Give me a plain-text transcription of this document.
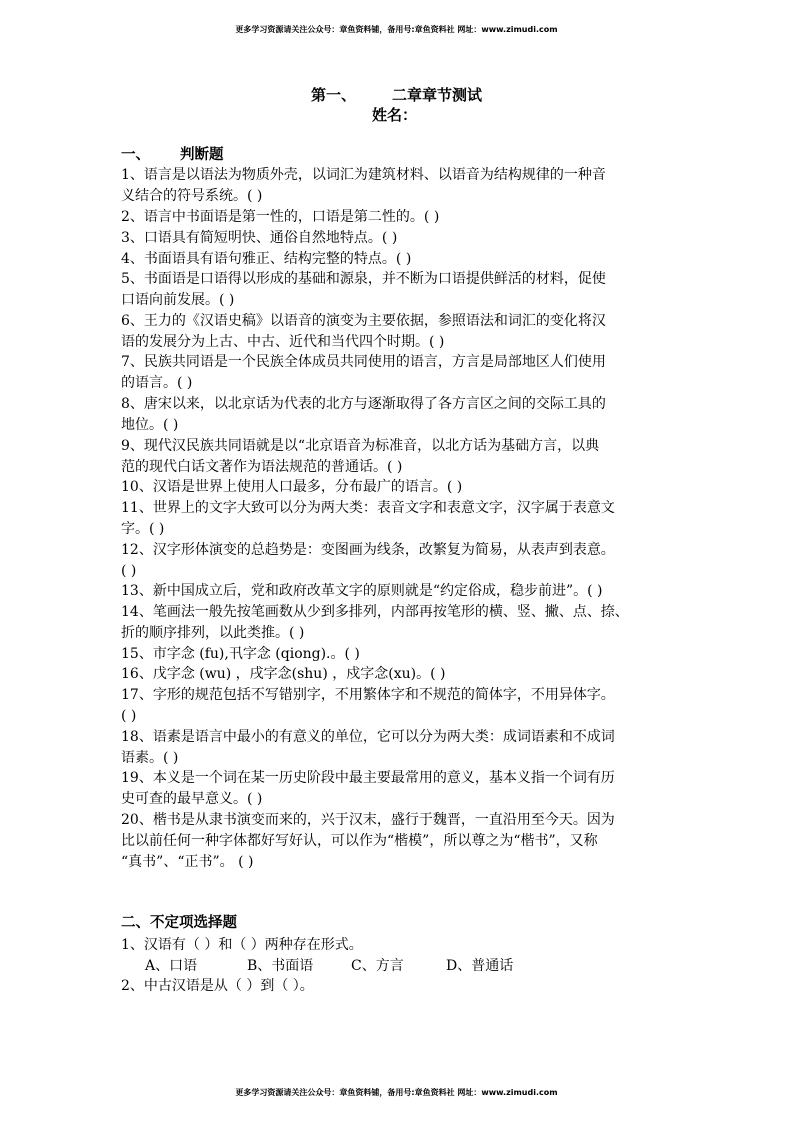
更多学习资源请关注公众号：章鱼资料铺，备用号:章鱼资料社 网址：www.zimudi.com
第一、 二章章节测试
姓名：
一、 判断题
1、语言是以语法为物质外壳，以词汇为建筑材料、以语音为结构规律的一种音
义结合的符号系统。( )
2、语言中书面语是第一性的，口语是第二性的。( )
3、口语具有简短明快、通俗自然地特点。( )
4、书面语具有语句雅正、结构完整的特点。( )
5、书面语是口语得以形成的基础和源泉，并不断为口语提供鲜活的材料，促使
口语向前发展。( )
6、王力的《汉语史稿》以语音的演变为主要依据，参照语法和词汇的变化将汉
语的发展分为上古、中古、近代和当代四个时期。( )
7、民族共同语是一个民族全体成员共同使用的语言，方言是局部地区人们使用
的语言。( )
8、唐宋以来，以北京话为代表的北方与逐渐取得了各方言区之间的交际工具的
地位。( )
9、现代汉民族共同语就是以“北京语音为标准音，以北方话为基础方言，以典
范的现代白话文著作为语法规范的普通话。( )
10、汉语是世界上使用人口最多，分布最广的语言。( )
11、世界上的文字大致可以分为两大类：表音文字和表意文字，汉字属于表意文
字。( )
12、汉字形体演变的总趋势是：变图画为线条，改繁复为简易，从表声到表意。
( )
13、新中国成立后，党和政府改革文字的原则就是“约定俗成，稳步前进”。( )
14、笔画法一般先按笔画数从少到多排列，内部再按笔形的横、竖、撇、点、捺、
折的顺序排列，以此类推。( )
15、市字念 (fu),卂字念 (qiong).。( )
16、戊字念 (wu) ，戌字念(shu) ，戍字念(xu)。( )
17、字形的规范包括不写错别字，不用繁体字和不规范的简体字，不用异体字。
( )
18、语素是语言中最小的有意义的单位，它可以分为两大类：成词语素和不成词
语素。( )
19、本义是一个词在某一历史阶段中最主要最常用的意义，基本义指一个词有历
史可查的最早意义。( )
20、楷书是从隶书演变而来的，兴于汉末，盛行于魏晋，一直沿用至今天。因为
比以前任何一种字体都好写好认，可以作为“楷模”，所以尊之为“楷书”，又称
“真书”、“正书”。 ( )
二、不定项选择题
1、汉语有（ ）和（ ）两种存在形式。
A、口语	B、书面语	C、方言	D、普通话
2、中古汉语是从（ ）到（ ）。
更多学习资源请关注公众号：章鱼资料铺，备用号:章鱼资料社 网址：www.zimudi.com
